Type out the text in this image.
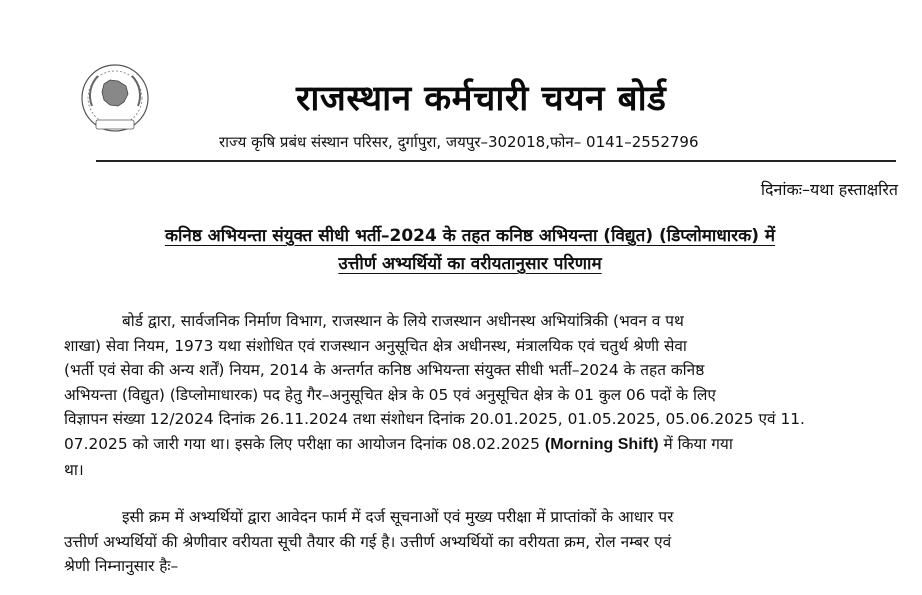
राजस्थान कर्मचारी चयन बोर्ड
राज्य कृषि प्रबंध संस्थान परिसर, दुर्गापुरा, जयपुर–302018,फोन– 0141–2552796
दिनांकः–यथा हस्ताक्षरित
कनिष्ठ अभियन्ता संयुक्त सीधी भर्ती–2024 के तहत कनिष्ठ अभियन्ता (विद्युत) (डिप्लोमाधारक) में
उत्तीर्ण अभ्यर्थियों का वरीयतानुसार परिणाम
बोर्ड द्वारा, सार्वजनिक निर्माण विभाग, राजस्थान के लिये राजस्थान अधीनस्थ अभियांत्रिकी (भवन व पथ
शाखा) सेवा नियम, 1973 यथा संशोधित एवं राजस्थान अनुसूचित क्षेत्र अधीनस्थ, मंत्रालयिक एवं चतुर्थ श्रेणी सेवा
(भर्ती एवं सेवा की अन्य शर्तें) नियम, 2014 के अन्तर्गत कनिष्ठ अभियन्ता संयुक्त सीधी भर्ती–2024 के तहत कनिष्ठ
अभियन्ता (विद्युत) (डिप्लोमाधारक) पद हेतु गैर–अनुसूचित क्षेत्र के 05 एवं अनुसूचित क्षेत्र के 01 कुल 06 पदों के लिए
विज्ञापन संख्या 12/2024 दिनांक 26.11.2024 तथा संशोधन दिनांक 20.01.2025, 01.05.2025, 05.06.2025 एवं 11.
07.2025 को जारी गया था। इसके लिए परीक्षा का आयोजन दिनांक 08.02.2025 (Morning Shift) में किया गया
था।
इसी क्रम में अभ्यर्थियों द्वारा आवेदन फार्म में दर्ज सूचनाओं एवं मुख्य परीक्षा में प्राप्तांकों के आधार पर
उत्तीर्ण अभ्यर्थियों की श्रेणीवार वरीयता सूची तैयार की गई है। उत्तीर्ण अभ्यर्थियों का वरीयता क्रम, रोल नम्बर एवं
श्रेणी निम्नानुसार हैः–
